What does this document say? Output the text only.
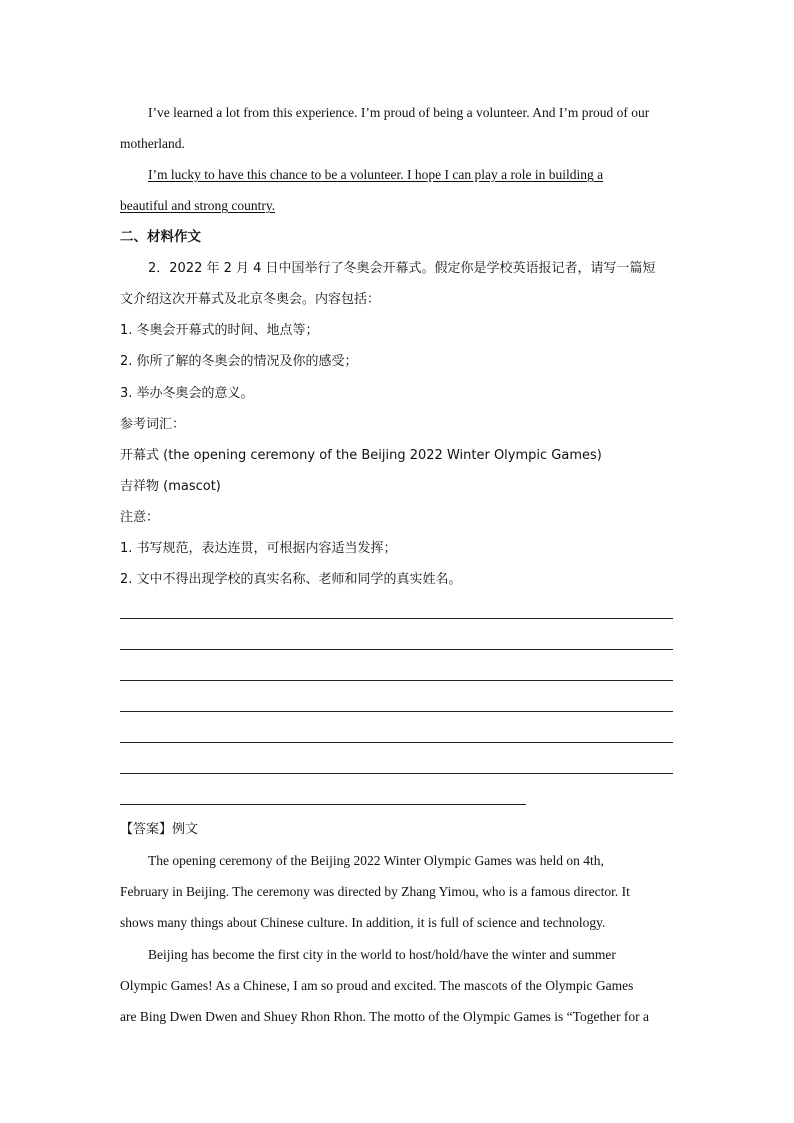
I’ve learned a lot from this experience. I’m proud of being a volunteer. And I’m proud of our
motherland.
I’m lucky to have this chance to be a volunteer. I hope I can play a role in building a
beautiful and strong country.
二、材料作文
2．2022 年 2 月 4 日中国举行了冬奥会开幕式。假定你是学校英语报记者，请写一篇短
文介绍这次开幕式及北京冬奥会。内容包括：
1. 冬奥会开幕式的时间、地点等；
2. 你所了解的冬奥会的情况及你的感受；
3. 举办冬奥会的意义。
参考词汇：
开幕式 (the opening ceremony of the Beijing 2022 Winter Olympic Games)
吉祥物 (mascot)
注意：
1. 书写规范，表达连贯，可根据内容适当发挥；
2. 文中不得出现学校的真实名称、老师和同学的真实姓名。
【答案】例文
The opening ceremony of the Beijing 2022 Winter Olympic Games was held on 4th,
February in Beijing. The ceremony was directed by Zhang Yimou, who is a famous director. It
shows many things about Chinese culture. In addition, it is full of science and technology.
Beijing has become the first city in the world to host/hold/have the winter and summer
Olympic Games! As a Chinese, I am so proud and excited. The mascots of the Olympic Games
are Bing Dwen Dwen and Shuey Rhon Rhon. The motto of the Olympic Games is “Together for a
